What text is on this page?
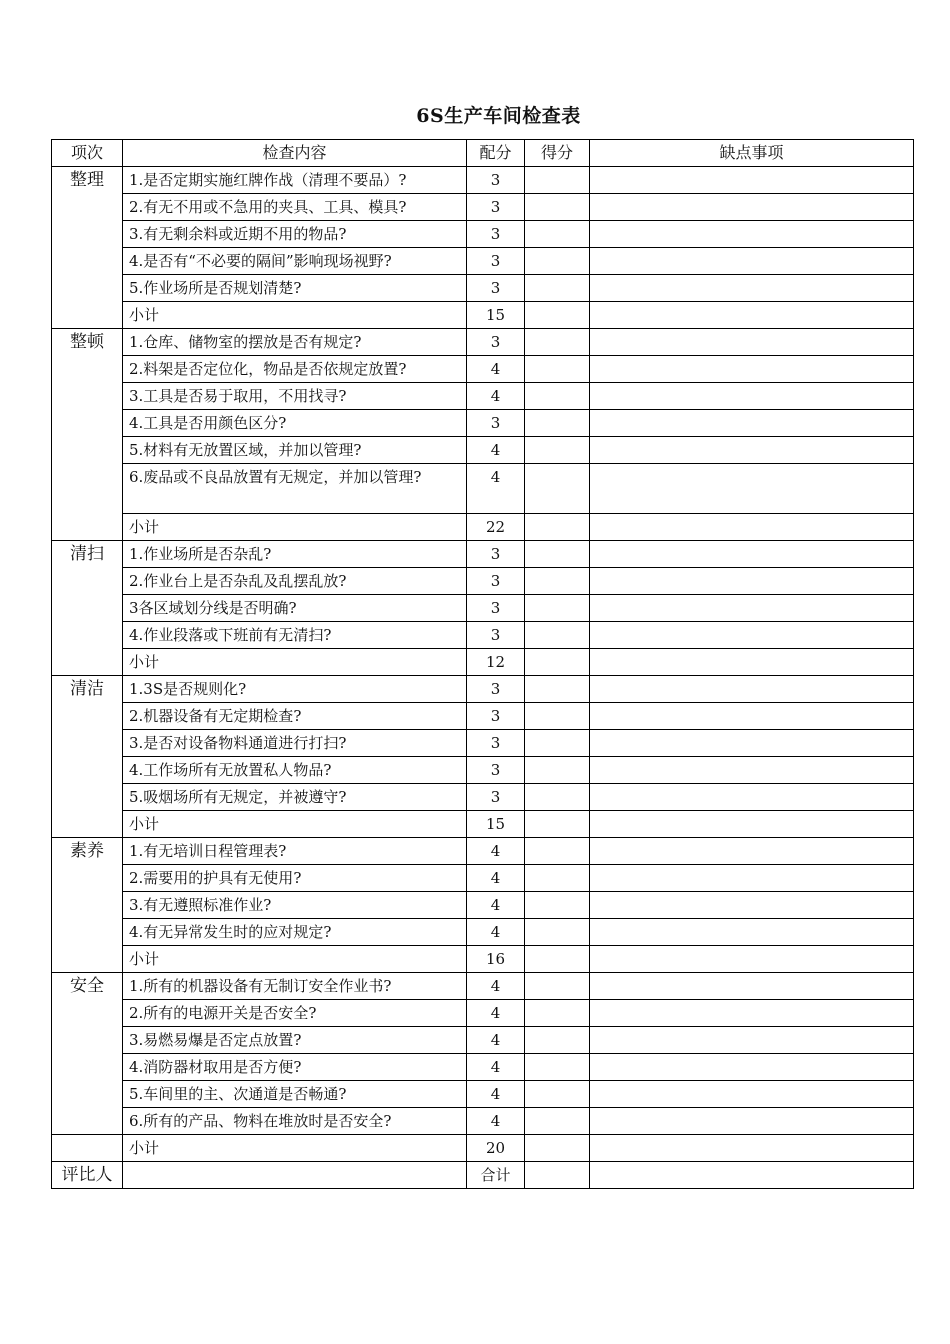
6S生产车间检查表
项次	检查内容	配分	得分	缺点事项
整理	1.是否定期实施红牌作战（清理不要品）?	3		
	2.有无不用或不急用的夹具、工具、模具?	3		
	3.有无剩余料或近期不用的物品?	3		
	4.是否有“不必要的隔间”影响现场视野?	3		
	5.作业场所是否规划清楚?	3		
	小计	15		
整顿	1.仓库、储物室的摆放是否有规定?	3		
	2.料架是否定位化，物品是否依规定放置?	4		
	3.工具是否易于取用，不用找寻?	4		
	4.工具是否用颜色区分?	3		
	5.材料有无放置区域，并加以管理?	4		
	6.废品或不良品放置有无规定，并加以管理?	4		
	小计	22		
清扫	1.作业场所是否杂乱?	3		
	2.作业台上是否杂乱及乱摆乱放?	3		
	3各区域划分线是否明确?	3		
	4.作业段落或下班前有无清扫?	3		
	小计	12		
清洁	1.3S是否规则化?	3		
	2.机器设备有无定期检查?	3		
	3.是否对设备物料通道进行打扫?	3		
	4.工作场所有无放置私人物品?	3		
	5.吸烟场所有无规定，并被遵守?	3		
	小计	15		
素养	1.有无培训日程管理表?	4		
	2.需要用的护具有无使用?	4		
	3.有无遵照标准作业?	4		
	4.有无异常发生时的应对规定?	4		
	小计	16		
安全	1.所有的机器设备有无制订安全作业书?	4		
	2.所有的电源开关是否安全?	4		
	3.易燃易爆是否定点放置?	4		
	4.消防器材取用是否方便?	4		
	5.车间里的主、次通道是否畅通?	4		
	6.所有的产品、物料在堆放时是否安全?	4		
	小计	20		
评比人		合计		
